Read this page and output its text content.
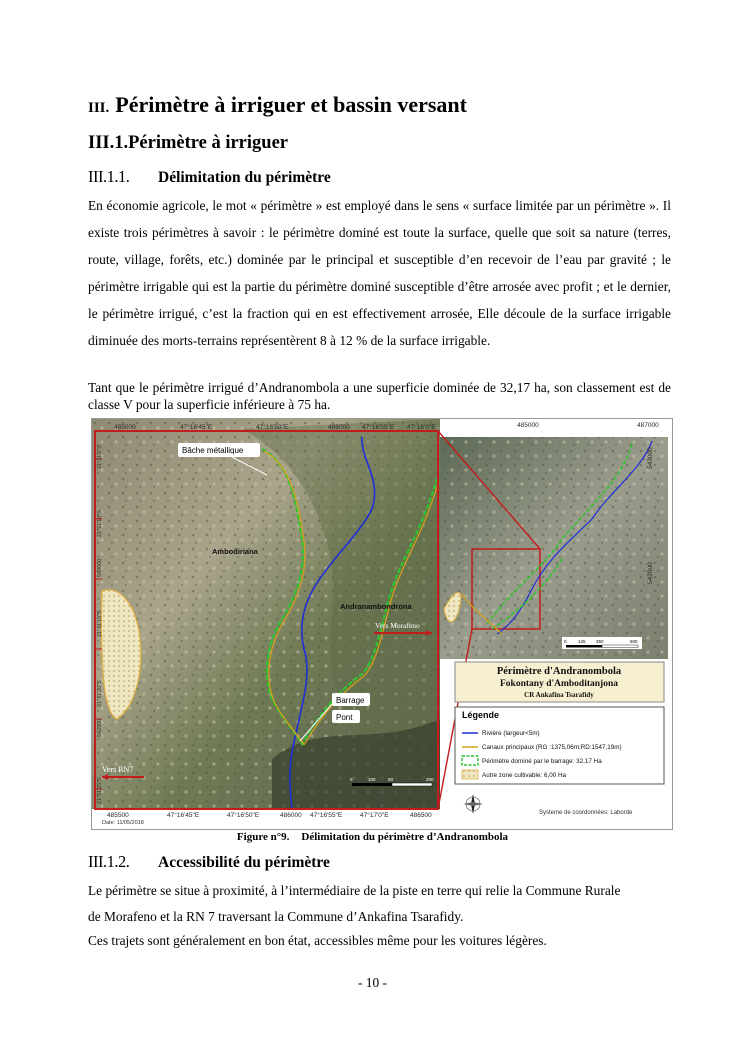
III. Périmètre à irriguer et bassin versant
III.1.Périmètre à irriguer
III.1.1. Délimitation du périmètre
En économie agricole, le mot « périmètre » est employé dans le sens « surface limitée par un périmètre ». Il existe trois périmètres à savoir : le périmètre dominé est toute la surface, quelle que soit sa nature (terres, route, village, forêts, etc.) dominée par le principal et susceptible d’en recevoir de l’eau par gravité ; le périmètre irrigable qui est la partie du périmètre dominé susceptible d’être arrosée avec profit ; et le dernier, le périmètre irrigué, c’est la fraction qui en est effectivement arrosée, Elle découle de la surface irrigable diminuée des morts-terrains représentèrent 8 à 12 % de la surface irrigable.
Tant que le périmètre irrigué d’Andranombola a une superficie dominée de 32,17 ha, son classement est de classe V pour la superficie inférieure à 75 ha.
485000	47°16'45"E	47°16'50"E	486000 47°16'55"E 47°16'0"E	485000	487000
485500	47°16'45"E	47°16'50"E	486000 47°16'55"E	47°17'0"E	486500
543000
542000
21°11'5"S
21°11'10"S
543000
21°11'15"S
21°11'20"S
542500
21°11'25"S
Bâche métallique
Ambodiriana
Andranambondrona
Vers Morafeno
Barrage
Pont
Vers RN7
Date: 11/05/2018
0	100	50	200
0	125 250	500
Périmètre d'Andranombola
Fokontany d'Amboditanjona
CR Ankafina Tsarafidy
Légende
Rivière (largeur<5m)
Canaux principaux (RG :1375,06m;RD:1547,19m)
Périmètre dominé par le barrage: 32,17 Ha
Autre zone cultivable: 6,00 Ha
Systeme de coordonnées: Laborde
Figure n°9. Délimitation du périmètre d’Andranombola
III.1.2. Accessibilité du périmètre
Le périmètre se situe à proximité, à l’intermédiaire de la piste en terre qui relie la Commune Rurale
de Morafeno et la RN 7 traversant la Commune d’Ankafina Tsarafidy.
Ces trajets sont généralement en bon état, accessibles même pour les voitures légères.
- 10 -
